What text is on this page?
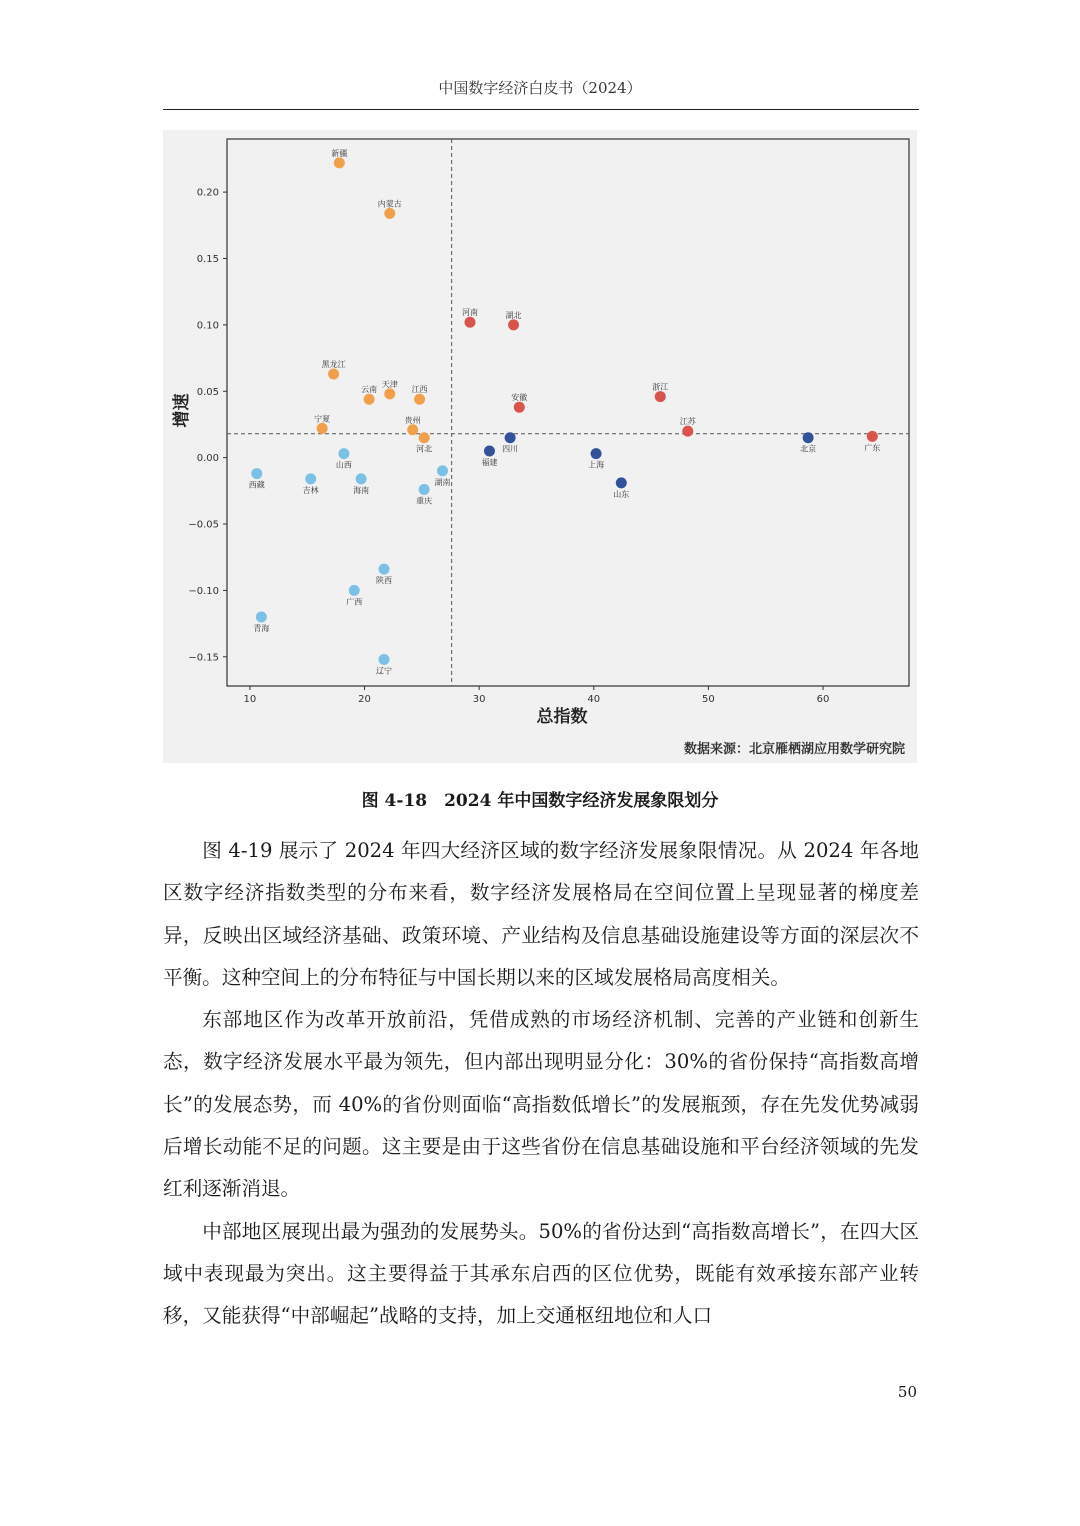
中国数字经济白皮书（2024）
10	20	30	40	50	60
−0.15
−0.10
−0.05
0.00
0.05
0.10
0.15
0.20
总指数
增速
数据来源：北京雁栖湖应用数学研究院
新疆
内蒙古
黑龙江
云南
天津
江西
宁夏	贵州
河北
河南	湖北
安徽
浙江
江苏
广东
福建
四川
上海
山东
北京
西藏
吉林
山西
海南
湖南
重庆
陕西
广西
青海
辽宁
图 4-18　2024 年中国数字经济发展象限划分

图 4-19 展示了 2024 年四大经济区域的数字经济发展象限情况。从 2024 年各地区数字经济指数类型的分布来看，数字经济发展格局在空间位置上呈现显著的梯度差异，反映出区域经济基础、政策环境、产业结构及信息基础设施建设等方面的深层次不平衡。这种空间上的分布特征与中国长期以来的区域发展格局高度相关。

东部地区作为改革开放前沿，凭借成熟的市场经济机制、完善的产业链和创新生态，数字经济发展水平最为领先，但内部出现明显分化：30%的省份保持“高指数高增长”的发展态势，而 40%的省份则面临“高指数低增长”的发展瓶颈，存在先发优势减弱后增长动能不足的问题。这主要是由于这些省份在信息基础设施和平台经济领域的先发红利逐渐消退。

中部地区展现出最为强劲的发展势头。50%的省份达到“高指数高增长”，在四大区域中表现最为突出。这主要得益于其承东启西的区位优势，既能有效承接东部产业转移，又能获得“中部崛起”战略的支持，加上交通枢纽地位和人口

50
